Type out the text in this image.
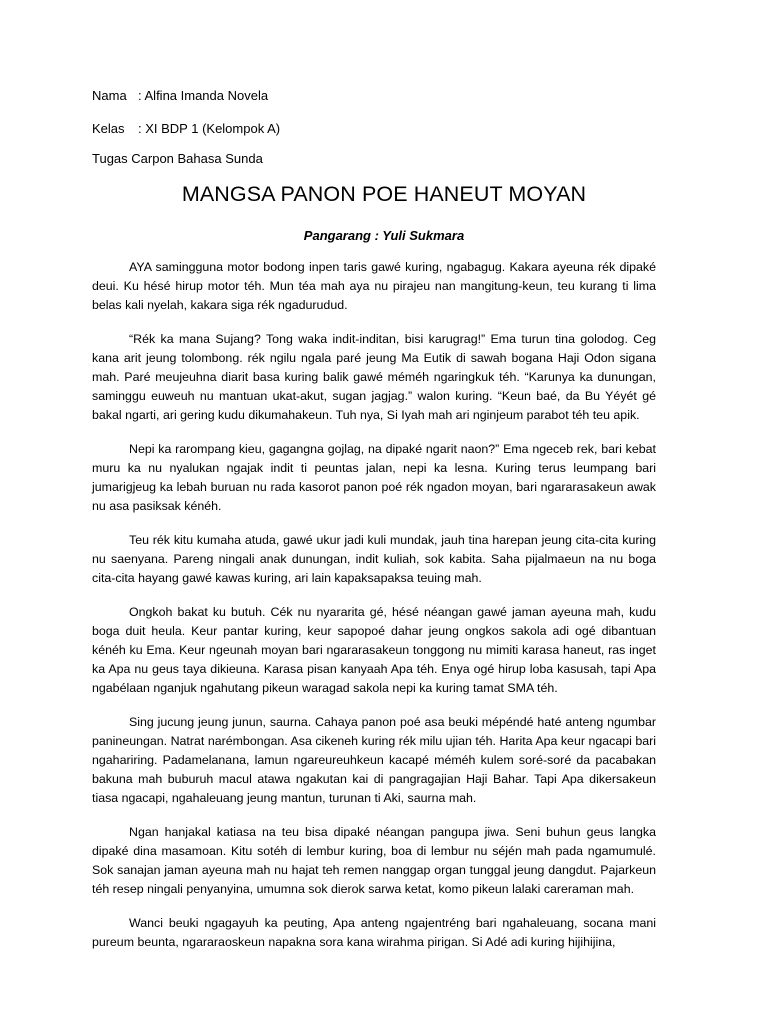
Nama : Alfina Imanda Novela
Kelas : XI BDP 1 (Kelompok A)
Tugas Carpon Bahasa Sunda
MANGSA PANON POE HANEUT MOYAN
Pangarang : Yuli Sukmara

AYA samingguna motor bodong inpen taris gawé kuring, ngabagug. Kakara ayeuna rék dipaké deui. Ku hésé hirup motor téh. Mun téa mah aya nu pirajeu nan mangitung-keun, teu kurang ti lima belas kali nyelah, kakara siga rék ngadurudud.

“Rék ka mana Sujang? Tong waka indit-inditan, bisi karugrag!” Ema turun tina golodog. Ceg kana arit jeung tolombong. rék ngilu ngala paré jeung Ma Eutik di sawah bogana Haji Odon sigana mah. Paré meujeuhna diarit basa kuring balik gawé méméh ngaringkuk téh. “Karunya ka dunungan, saminggu euweuh nu mantuan ukat-akut, sugan jagjag.” walon kuring. “Keun baé, da Bu Yéyét gé bakal ngarti, ari gering kudu dikumahakeun. Tuh nya, Si Iyah mah ari nginjeum parabot téh teu apik.

Nepi ka rarompang kieu, gagangna gojlag, na dipaké ngarit naon?” Ema ngeceb rek, bari kebat muru ka nu nyalukan ngajak indit ti peuntas jalan, nepi ka lesna. Kuring terus leumpang bari jumarigjeug ka lebah buruan nu rada kasorot panon poé rék ngadon moyan, bari ngararasakeun awak nu asa pasiksak kénéh.

Teu rék kitu kumaha atuda, gawé ukur jadi kuli mundak, jauh tina harepan jeung cita-cita kuring nu saenyana. Pareng ningali anak dunungan, indit kuliah, sok kabita. Saha pijalmaeun na nu boga cita-cita hayang gawé kawas kuring, ari lain kapaksapaksa teuing mah.

Ongkoh bakat ku butuh. Cék nu nyararita gé, hésé néangan gawé jaman ayeuna mah, kudu boga duit heula. Keur pantar kuring, keur sapopoé dahar jeung ongkos sakola adi ogé dibantuan kénéh ku Ema. Keur ngeunah moyan bari ngararasakeun tonggong nu mimiti karasa haneut, ras inget ka Apa nu geus taya dikieuna. Karasa pisan kanyaah Apa téh. Enya ogé hirup loba kasusah, tapi Apa ngabélaan nganjuk ngahutang pikeun waragad sakola nepi ka kuring tamat SMA téh.

Sing jucung jeung junun, saurna. Cahaya panon poé asa beuki mépéndé haté anteng ngumbar panineungan. Natrat narémbongan. Asa cikeneh kuring rék milu ujian téh. Harita Apa keur ngacapi bari ngahariring. Padamelanana, lamun ngareureuhkeun kacapé méméh kulem soré-soré da pacabakan bakuna mah buburuh macul atawa ngakutan kai di pangragajian Haji Bahar. Tapi Apa dikersakeun tiasa ngacapi, ngahaleuang jeung mantun, turunan ti Aki, saurna mah.

Ngan hanjakal katiasa na teu bisa dipaké néangan pangupa jiwa. Seni buhun geus langka dipaké dina masamoan. Kitu sotéh di lembur kuring, boa di lembur nu séjén mah pada ngamumulé. Sok sanajan jaman ayeuna mah nu hajat teh remen nanggap organ tunggal jeung dangdut. Pajarkeun téh resep ningali penyanyina, umumna sok dierok sarwa ketat, komo pikeun lalaki careraman mah.

Wanci beuki ngagayuh ka peuting, Apa anteng ngajentréng bari ngahaleuang, socana mani pureum beunta, ngararaoskeun napakna sora kana wirahma pirigan. Si Adé adi kuring hijihijina,
